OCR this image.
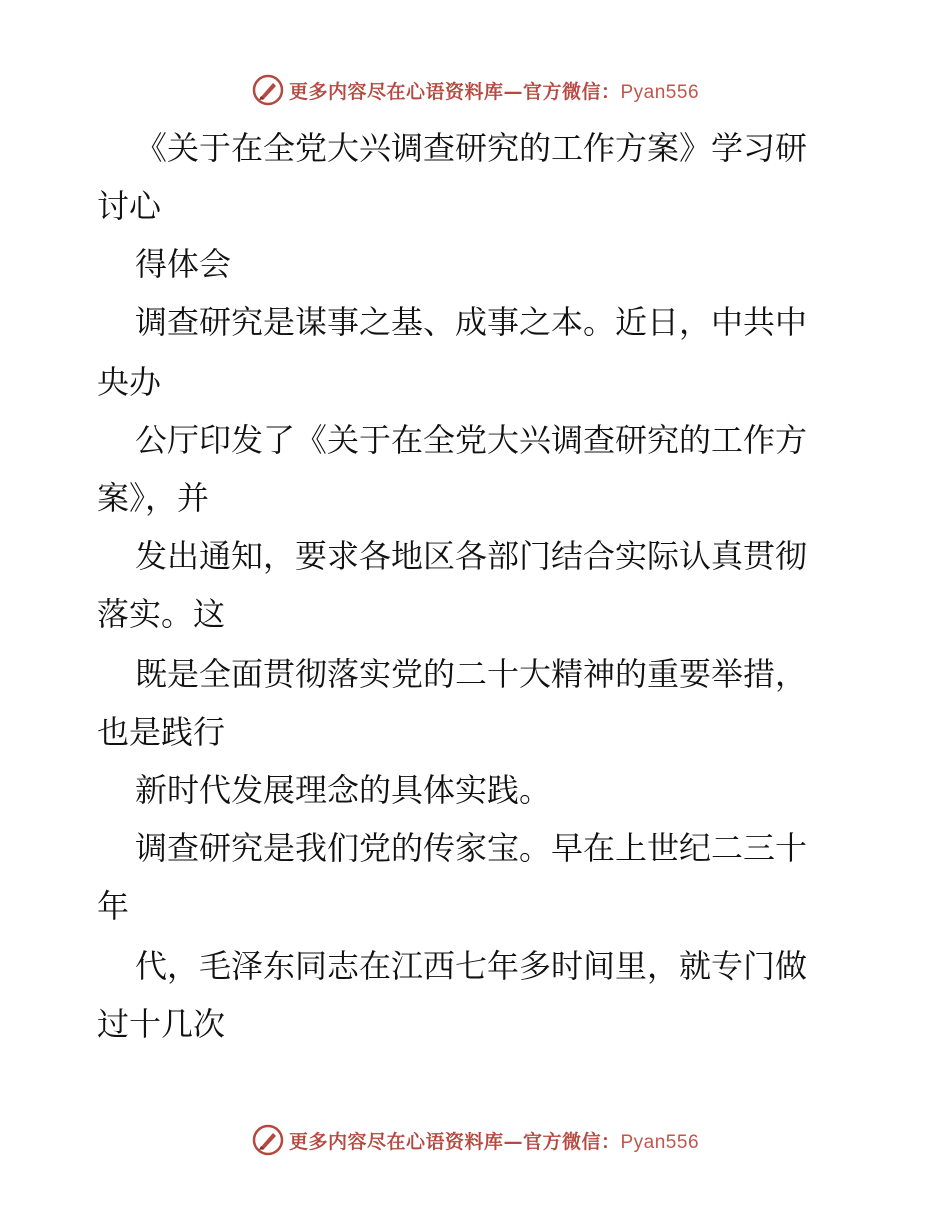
更多内容尽在心语资料库—官方微信：Pyan556
《关于在全党大兴调查研究的工作方案》学习研
讨心
得体会
调查研究是谋事之基、成事之本。近日，中共中
央办
公厅印发了《关于在全党大兴调查研究的工作方
案》，并
发出通知，要求各地区各部门结合实际认真贯彻
落实。这
既是全面贯彻落实党的二十大精神的重要举措，
也是践行
新时代发展理念的具体实践。
调查研究是我们党的传家宝。早在上世纪二三十
年
代，毛泽东同志在江西七年多时间里，就专门做
过十几次
更多内容尽在心语资料库—官方微信：Pyan556
